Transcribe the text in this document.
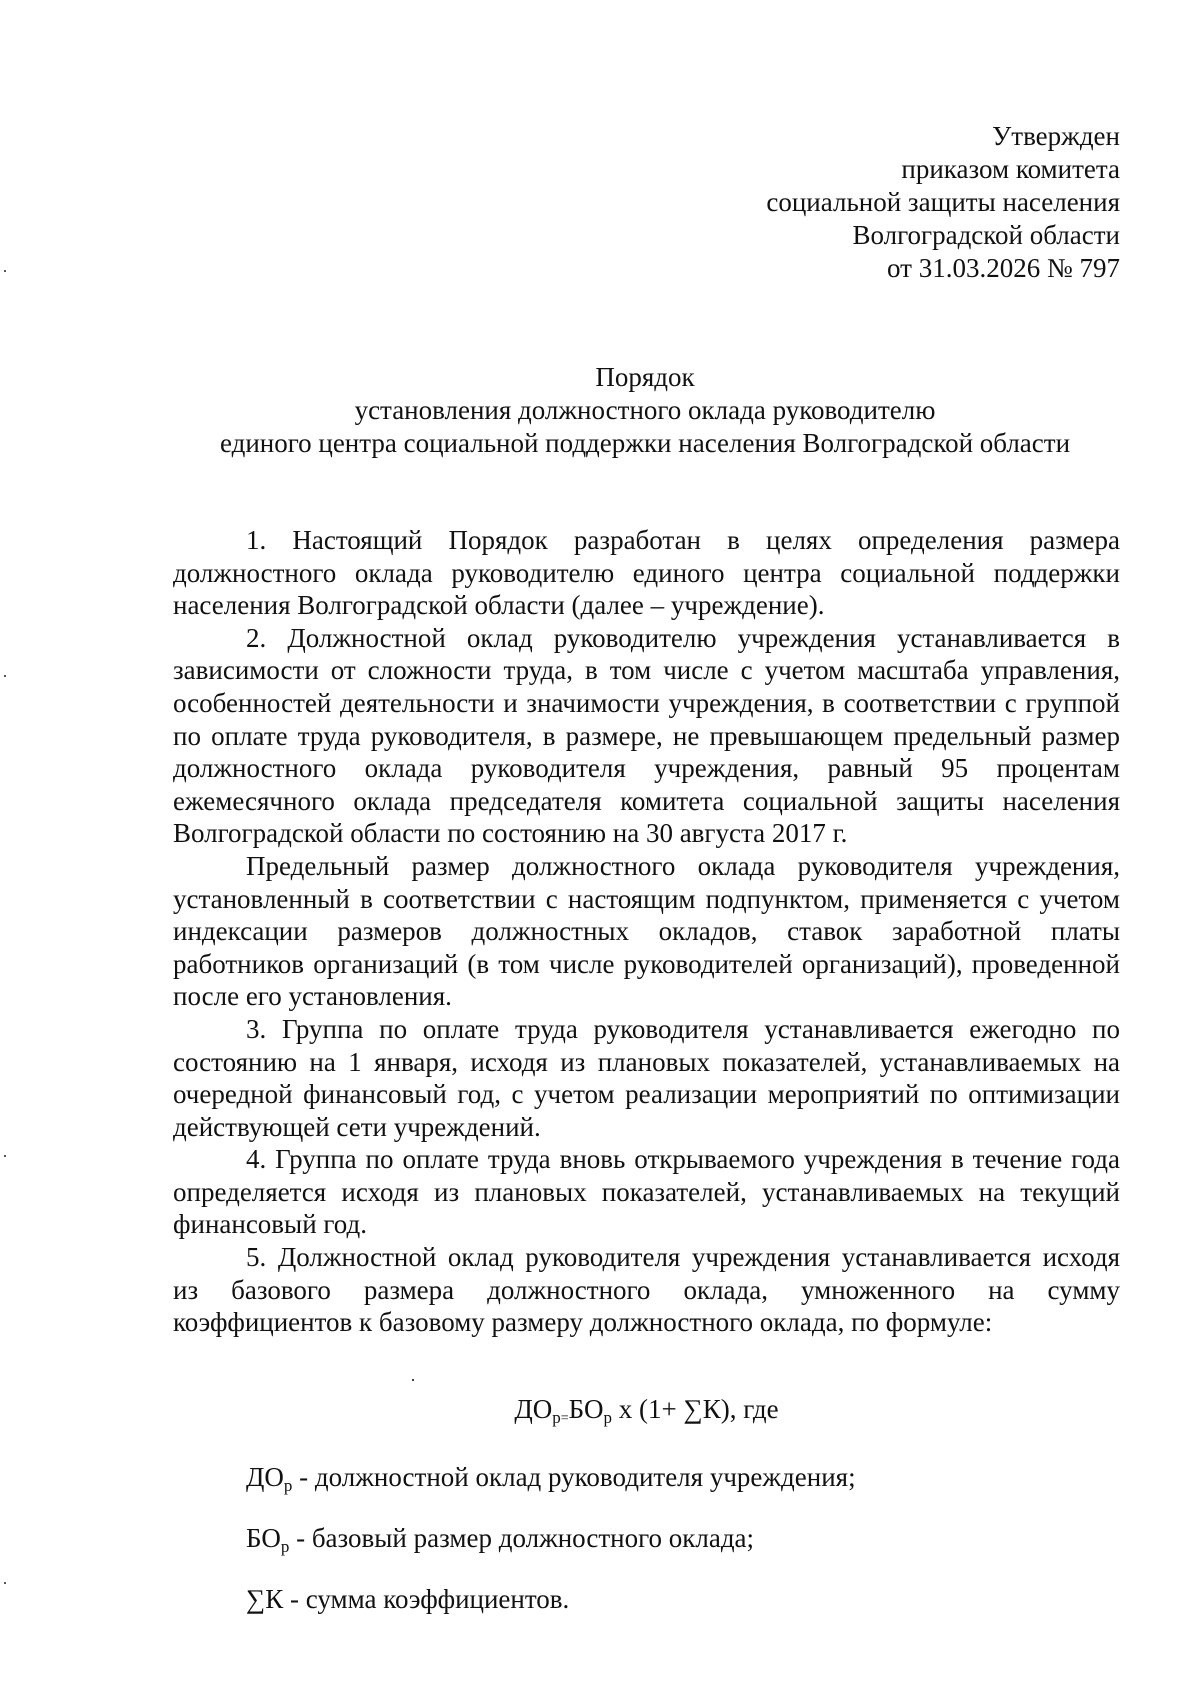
Утвержден
приказом комитета
социальной защиты населения
Волгоградской области
от 31.03.2026 № 797
Порядок
установления должностного оклада руководителю
единого центра социальной поддержки населения Волгоградской области

1. Настоящий Порядок разработан в целях определения размера должностного оклада руководителю единого центра социальной поддержки населения Волгоградской области (далее – учреждение).

2. Должностной оклад руководителю учреждения устанавливается в зависимости от сложности труда, в том числе с учетом масштаба управления, особенностей деятельности и значимости учреждения, в соответствии с группой по оплате труда руководителя, в размере, не превышающем предельный размер должностного оклада руководителя учреждения, равный 95 процентам ежемесячного оклада председателя комитета социальной защиты населения Волгоградской области по состоянию на 30 августа 2017 г.

Предельный размер должностного оклада руководителя учреждения, установленный в соответствии с настоящим подпунктом, применяется с учетом индексации размеров должностных окладов, ставок заработной платы работников организаций (в том числе руководителей организаций), проведенной после его установления.

3. Группа по оплате труда руководителя устанавливается ежегодно по состоянию на 1 января, исходя из плановых показателей, устанавливаемых на очередной финансовый год, с учетом реализации мероприятий по оптимизации действующей сети учреждений.

4. Группа по оплате труда вновь открываемого учреждения в течение года определяется исходя из плановых показателей, устанавливаемых на текущий финансовый год.

5. Должностной оклад руководителя учреждения устанавливается исходя из базового размера должностного оклада, умноженного на сумму коэффициентов к базовому размеру должностного оклада, по формуле:

$ДО_р=БО_р$ х (1+ ∑К), где
$ДО_р$ - должностной оклад руководителя учреждения;
$БО_р$ - базовый размер должностного оклада;
∑К - сумма коэффициентов.
